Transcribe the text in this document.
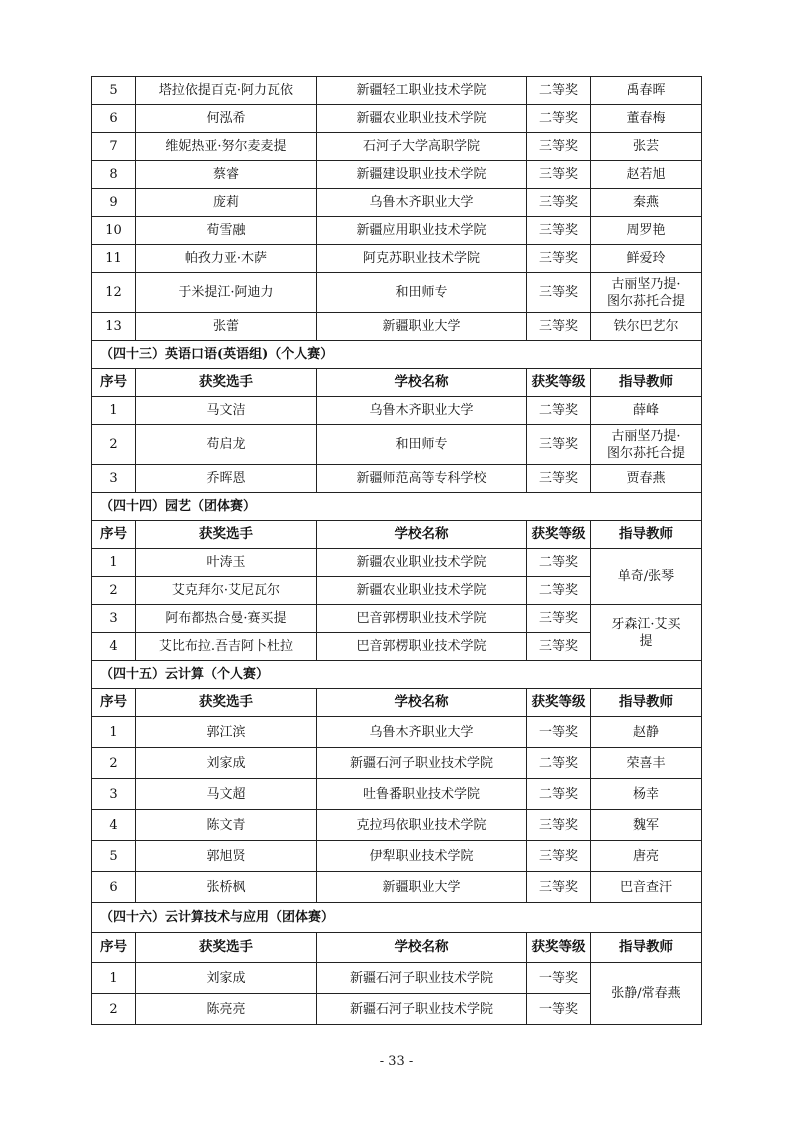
5	塔拉依提百克·阿力瓦依	新疆轻工职业技术学院	二等奖	禹春晖
6	何泓希	新疆农业职业技术学院	二等奖	董春梅
7	维妮热亚·努尔麦麦提	石河子大学高职学院	三等奖	张芸
8	蔡睿	新疆建设职业技术学院	三等奖	赵若旭
9	庞莉	乌鲁木齐职业大学	三等奖	秦燕
10	荀雪融	新疆应用职业技术学院	三等奖	周罗艳
11	帕孜力亚·木萨	阿克苏职业技术学院	三等奖	鲜爱玲
12	于米提江·阿迪力	和田师专	三等奖	古丽坚乃提·
图尔荪托合提
13	张蕾	新疆职业大学	三等奖	铁尔巴艺尔
（四十三）英语口语(英语组)（个人赛）				
序号	获奖选手	学校名称	获奖等级	指导教师
1	马文洁	乌鲁木齐职业大学	二等奖	薛峰
2	苟启龙	和田师专	三等奖	古丽坚乃提·
图尔荪托合提
3	乔晖恩	新疆师范高等专科学校	三等奖	贾春燕
（四十四）园艺（团体赛）				
序号	获奖选手	学校名称	获奖等级	指导教师
1	叶涛玉	新疆农业职业技术学院	二等奖	单奇/张琴
2	艾克拜尔·艾尼瓦尔	新疆农业职业技术学院	二等奖	
3	阿布都热合曼·赛买提	巴音郭楞职业技术学院	三等奖	牙森江·艾买
提
4	艾比布拉.吾吉阿卜杜拉	巴音郭楞职业技术学院	三等奖	
（四十五）云计算（个人赛）				
序号	获奖选手	学校名称	获奖等级	指导教师
1	郭江滨	乌鲁木齐职业大学	一等奖	赵静
2	刘家成	新疆石河子职业技术学院	二等奖	荣喜丰
3	马文超	吐鲁番职业技术学院	二等奖	杨幸
4	陈文青	克拉玛依职业技术学院	三等奖	魏军
5	郭旭贤	伊犁职业技术学院	三等奖	唐亮
6	张桥枫	新疆职业大学	三等奖	巴音查汗
（四十六）云计算技术与应用（团体赛）				
序号	获奖选手	学校名称	获奖等级	指导教师
1	刘家成	新疆石河子职业技术学院	一等奖	张静/常春燕
2	陈亮亮	新疆石河子职业技术学院	一等奖	
- 33 -
